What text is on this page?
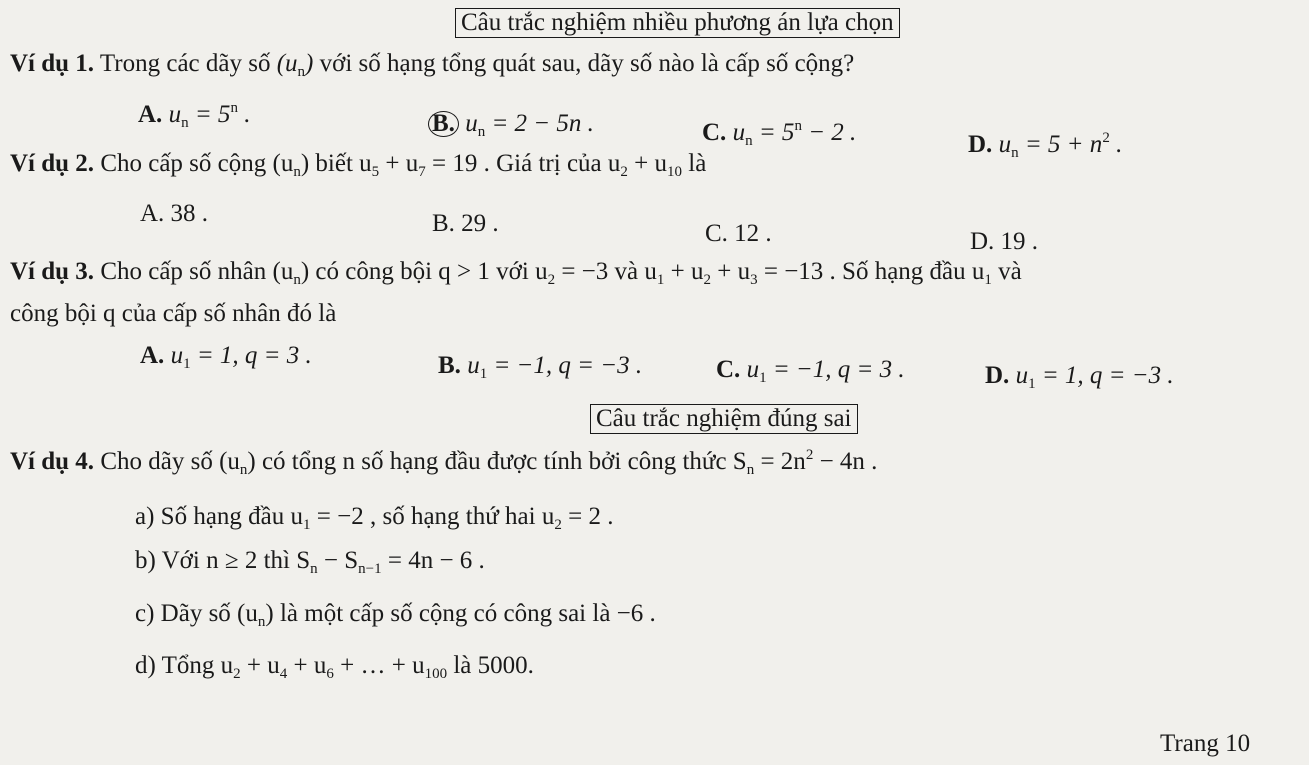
Câu trắc nghiệm nhiều phương án lựa chọn
Ví dụ 1. Trong các dãy số $(u_n)$ với số hạng tổng quát sau, dãy số nào là cấp số cộng?
A. $u_n = 5^n$ .	B. $u_n = 2 - 5n$ .	C. $u_n = 5^n - 2$ .	D. $u_n = 5 + n^2$ .
Ví dụ 2. Cho cấp số cộng $(u_n)$ biết $u_5 + u_7 = 19$ . Giá trị của $u_2 + u_{10}$ là
A. 38 .	B. 29 .	C. 12 .	D. 19 .
Ví dụ 3. Cho cấp số nhân $(u_n)$ có công bội q > 1 với $u_2 = -3$ và $u_1 + u_2 + u_3 = -13$ . Số hạng đầu $u_1$ và
công bội q của cấp số nhân đó là
A. $u_1 = 1$, q = 3 .	B. $u_1 = -1$, q = −3 .	C. $u_1 = -1$, q = 3 .	D. $u_1 = 1$, q = −3 .
Câu trắc nghiệm đúng sai
Ví dụ 4. Cho dãy số $(u_n)$ có tổng n số hạng đầu được tính bởi công thức $S_n = 2n^2 - 4n$ .
a) Số hạng đầu $u_1 = -2$ , số hạng thứ hai $u_2 = 2$ .
b) Với n ≥ 2 thì $S_n - S_{n-1} = 4n - 6$ .
c) Dãy số $(u_n)$ là một cấp số cộng có công sai là −6 .
d) Tổng $u_2 + u_4 + u_6$ + … + $u_{100}$ là 5000.
Trang 10
